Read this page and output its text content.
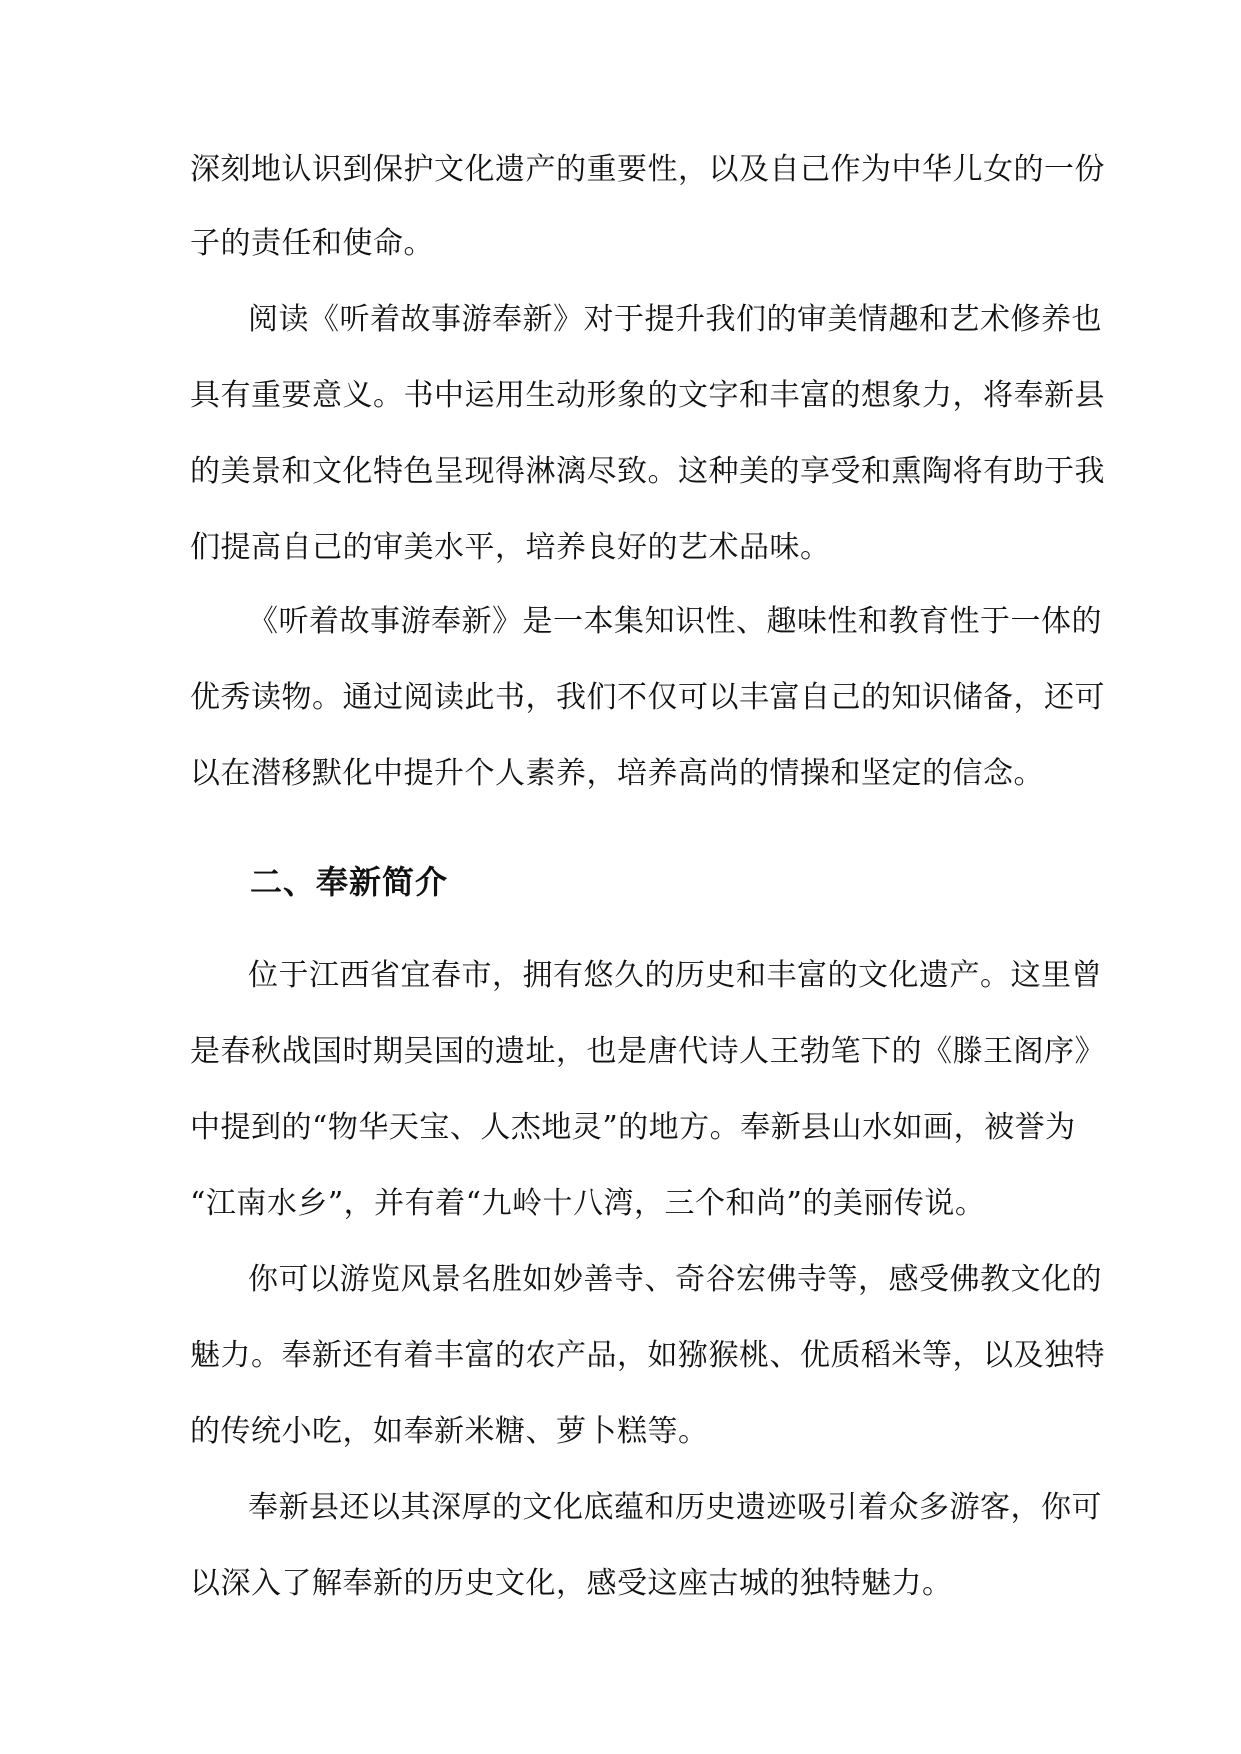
深刻地认识到保护文化遗产的重要性，以及自己作为中华儿女的一份
子的责任和使命。
阅读《听着故事游奉新》对于提升我们的审美情趣和艺术修养也
具有重要意义。书中运用生动形象的文字和丰富的想象力，将奉新县
的美景和文化特色呈现得淋漓尽致。这种美的享受和熏陶将有助于我
们提高自己的审美水平，培养良好的艺术品味。
《听着故事游奉新》是一本集知识性、趣味性和教育性于一体的
优秀读物。通过阅读此书，我们不仅可以丰富自己的知识储备，还可
以在潜移默化中提升个人素养，培养高尚的情操和坚定的信念。
二、奉新简介
位于江西省宜春市，拥有悠久的历史和丰富的文化遗产。这里曾
是春秋战国时期吴国的遗址，也是唐代诗人王勃笔下的《滕王阁序》
中提到的“物华天宝、人杰地灵”的地方。奉新县山水如画，被誉为
“江南水乡”，并有着“九岭十八湾，三个和尚”的美丽传说。
你可以游览风景名胜如妙善寺、奇谷宏佛寺等，感受佛教文化的
魅力。奉新还有着丰富的农产品，如猕猴桃、优质稻米等，以及独特
的传统小吃，如奉新米糖、萝卜糕等。
奉新县还以其深厚的文化底蕴和历史遗迹吸引着众多游客，你可
以深入了解奉新的历史文化，感受这座古城的独特魅力。
